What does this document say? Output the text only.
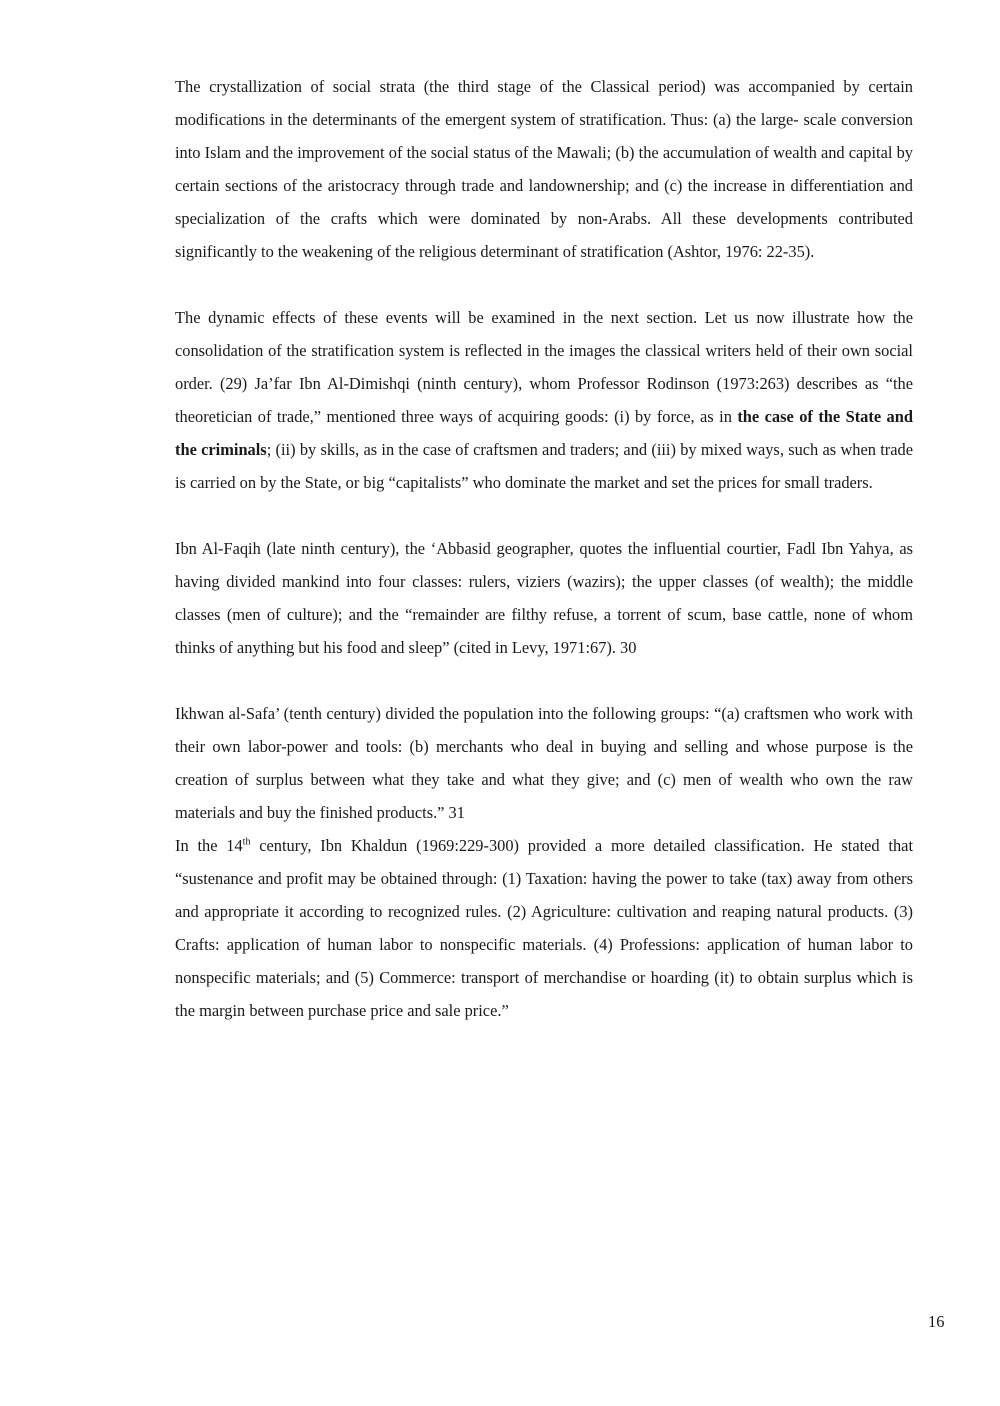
The crystallization of social strata (the third stage of the Classical period) was accompanied by certain modifications in the determinants of the emergent system of stratification. Thus: (a) the large- scale conversion into Islam and the improvement of the social status of the Mawali; (b) the accumulation of wealth and capital by certain sections of the aristocracy through trade and landownership; and (c) the increase in differentiation and specialization of the crafts which were dominated by non-Arabs. All these developments contributed significantly to the weakening of the religious determinant of stratification (Ashtor, 1976: 22-35).

The dynamic effects of these events will be examined in the next section. Let us now illustrate how the consolidation of the stratification system is reflected in the images the classical writers held of their own social order. (29) Ja’far Ibn Al-Dimishqi (ninth century), whom Professor Rodinson (1973:263) describes as “the theoretician of trade,” mentioned three ways of acquiring goods: (i) by force, as in the case of the State and the criminals; (ii) by skills, as in the case of craftsmen and traders; and (iii) by mixed ways, such as when trade is carried on by the State, or big “capitalists” who dominate the market and set the prices for small traders.

Ibn Al-Faqih (late ninth century), the ‘Abbasid geographer, quotes the influential courtier, Fadl Ibn Yahya, as having divided mankind into four classes: rulers, viziers (wazirs); the upper classes (of wealth); the middle classes (men of culture); and the “remainder are filthy refuse, a torrent of scum, base cattle, none of whom thinks of anything but his food and sleep” (cited in Levy, 1971:67). 30

Ikhwan al-Safa’ (tenth century) divided the population into the following groups: “(a) craftsmen who work with their own labor-power and tools: (b) merchants who deal in buying and selling and whose purpose is the creation of surplus between what they take and what they give; and (c) men of wealth who own the raw materials and buy the finished products.” 31

In the 14th century, Ibn Khaldun (1969:229-300) provided a more detailed classification. He stated that “sustenance and profit may be obtained through: (1) Taxation: having the power to take (tax) away from others and appropriate it according to recognized rules. (2) Agriculture: cultivation and reaping natural products. (3) Crafts: application of human labor to nonspecific materials. (4) Professions: application of human labor to nonspecific materials; and (5) Commerce: transport of merchandise or hoarding (it) to obtain surplus which is the margin between purchase price and sale price.”

16
